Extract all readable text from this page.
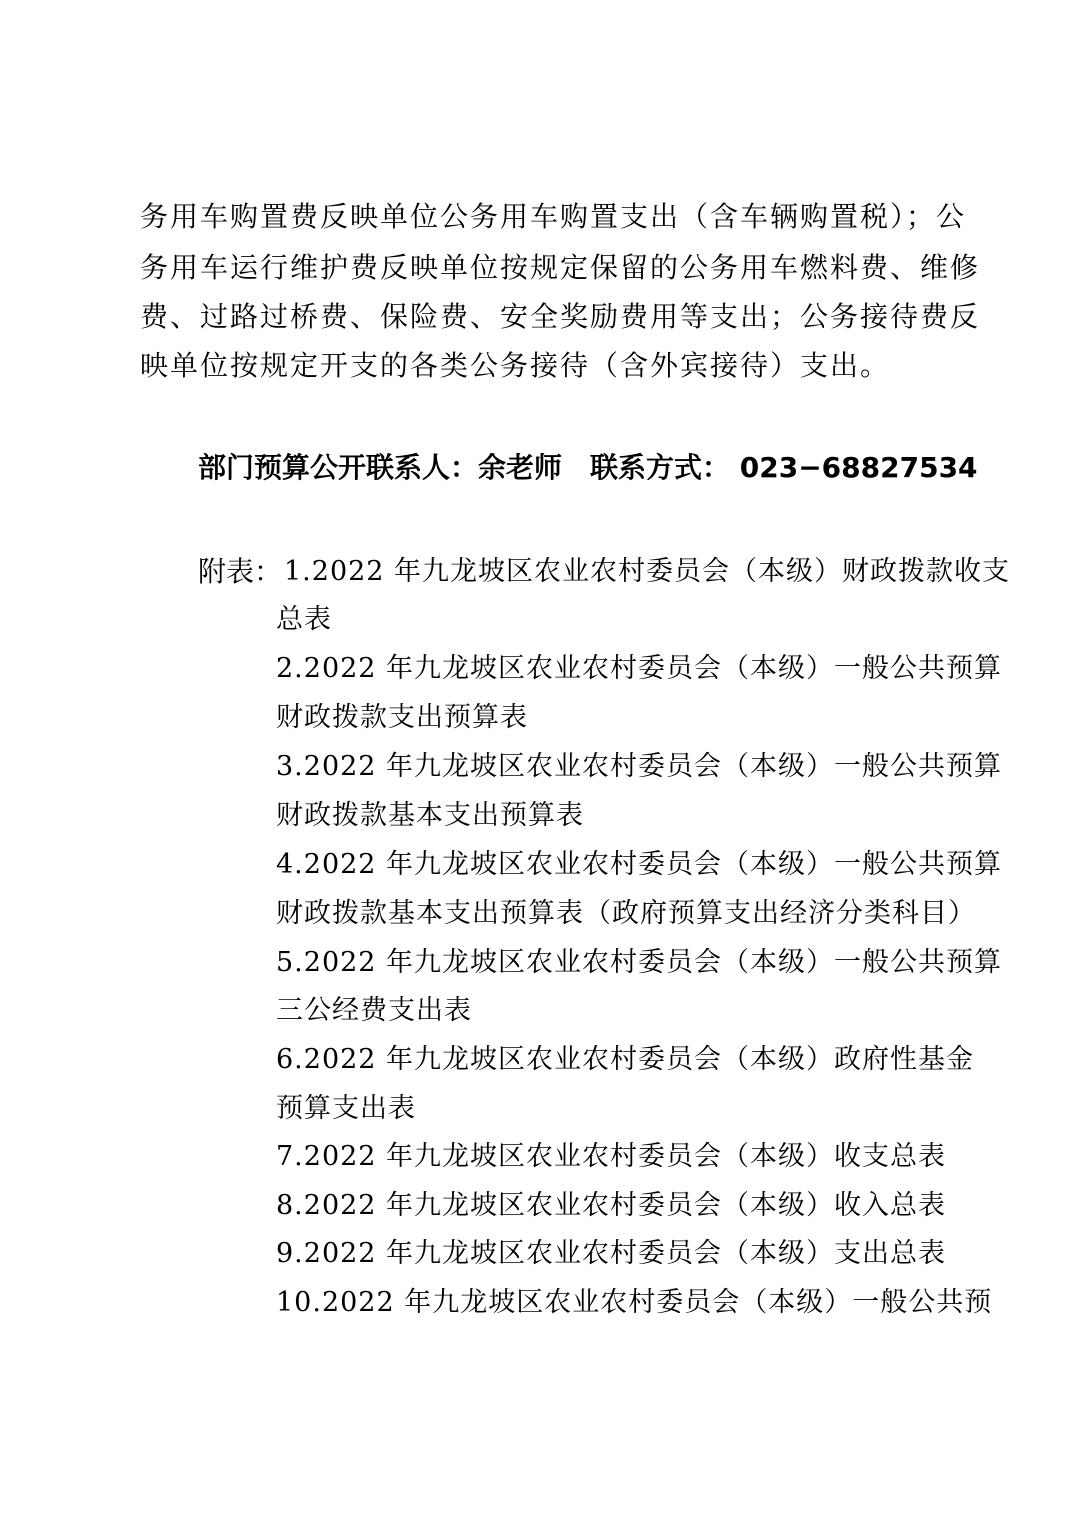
务用车购置费反映单位公务用车购置支出（含车辆购置税）；公
务用车运行维护费反映单位按规定保留的公务用车燃料费、维修
费、过路过桥费、保险费、安全奖励费用等支出；公务接待费反
映单位按规定开支的各类公务接待（含外宾接待）支出。
部门预算公开联系人：余老师 联系方式： 023−68827534
附表： 1.2022 年九龙坡区农业农村委员会（本级）财政拨款收支
总表
2.2022 年九龙坡区农业农村委员会（本级）一般公共预算
财政拨款支出预算表
3.2022 年九龙坡区农业农村委员会（本级）一般公共预算
财政拨款基本支出预算表
4.2022 年九龙坡区农业农村委员会（本级）一般公共预算
财政拨款基本支出预算表（政府预算支出经济分类科目）
5.2022 年九龙坡区农业农村委员会（本级）一般公共预算
三公经费支出表
6.2022 年九龙坡区农业农村委员会（本级）政府性基金
预算支出表
7.2022 年九龙坡区农业农村委员会（本级）收支总表
8.2022 年九龙坡区农业农村委员会（本级）收入总表
9.2022 年九龙坡区农业农村委员会（本级）支出总表
10.2022 年九龙坡区农业农村委员会（本级）一般公共预
